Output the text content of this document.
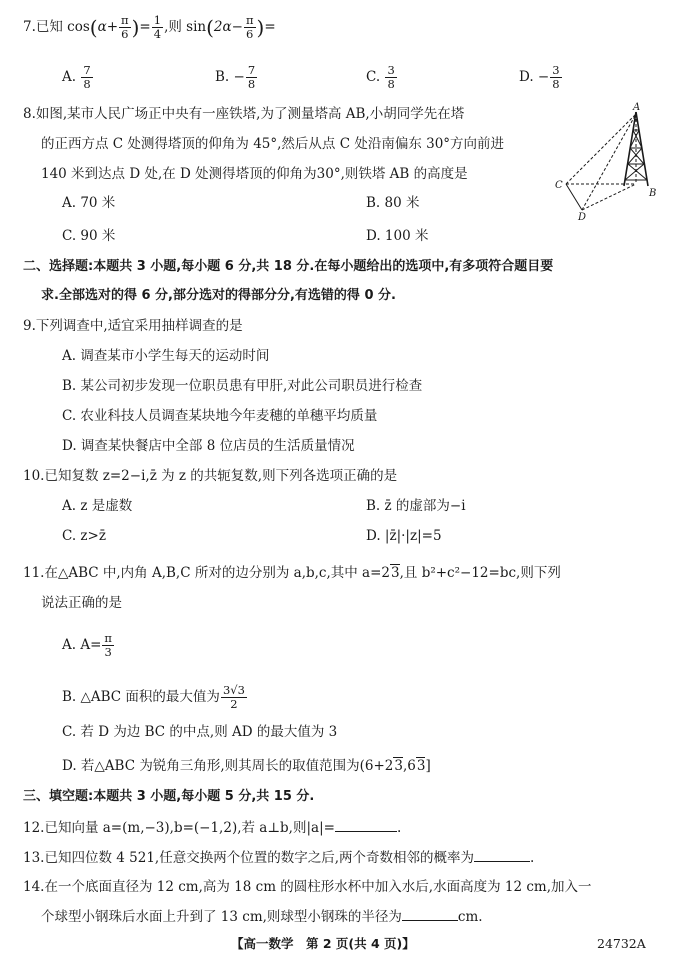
7.已知 $\cos(\alpha+ \frac{\pi}{6}$ )= $\frac{1}{4}$ ,则 $\sin(2\alpha- \frac{\pi}{6}$ )=
A. $\frac{7}{8}$	B. − $\frac{7}{8}$	C. $\frac{3}{8}$	D. − $\frac{3}{8}$
8.如图,某市人民广场正中央有一座铁塔,为了测量塔高 AB,小胡同学先在塔
的正西方点 C 处测得塔顶的仰角为 45°,然后从点 C 处沿南偏东 30°方向前进
140 米到达点 D 处,在 D 处测得塔顶的仰角为30°,则铁塔 AB 的高度是
A. 70 米	B. 80 米
C. 90 米	D. 100 米
A
B
C
D
二、选择题:本题共 3 小题,每小题 6 分,共 18 分.在每小题给出的选项中,有多项符合题目要
求.全部选对的得 6 分,部分选对的得部分分,有选错的得 0 分.
9.下列调查中,适宜采用抽样调查的是
A. 调查某市小学生每天的运动时间
B. 某公司初步发现一位职员患有甲肝,对此公司职员进行检查
C. 农业科技人员调查某块地今年麦穗的单穗平均质量
D. 调查某快餐店中全部 8 位店员的生活质量情况
10.已知复数 z=2−i,z̄ 为 z 的共轭复数,则下列各选项正确的是
A. z 是虚数	B. z̄ 的虚部为−i
C. z>z̄	D. |z̄|·|z|=5
11.在△ABC 中,内角 A,B,C 所对的边分别为 a,b,c,其中 a=23,且 b²+c²−12=bc,则下列
说法正确的是
A. $A= \frac{\pi}{3}$
B. △ABC 面积的最大值为 $\frac{3√3}{2}$
C. 若 D 为边 BC 的中点,则 AD 的最大值为 3
D. 若△ABC 为锐角三角形,则其周长的取值范围为(6+23,63]
三、填空题:本题共 3 小题,每小题 5 分,共 15 分.
12.已知向量 a=(m,−3),b=(−1,2),若 a⊥b,则|a|=	.
13.已知四位数 4 521,任意交换两个位置的数字之后,两个奇数相邻的概率为	.
14.在一个底面直径为 12 cm,高为 18 cm 的圆柱形水杯中加入水后,水面高度为 12 cm,加入一
个球型小钢珠后水面上升到了 13 cm,则球型小钢珠的半径为	cm.
【高一数学　第 2 页(共 4 页)】	24732A
